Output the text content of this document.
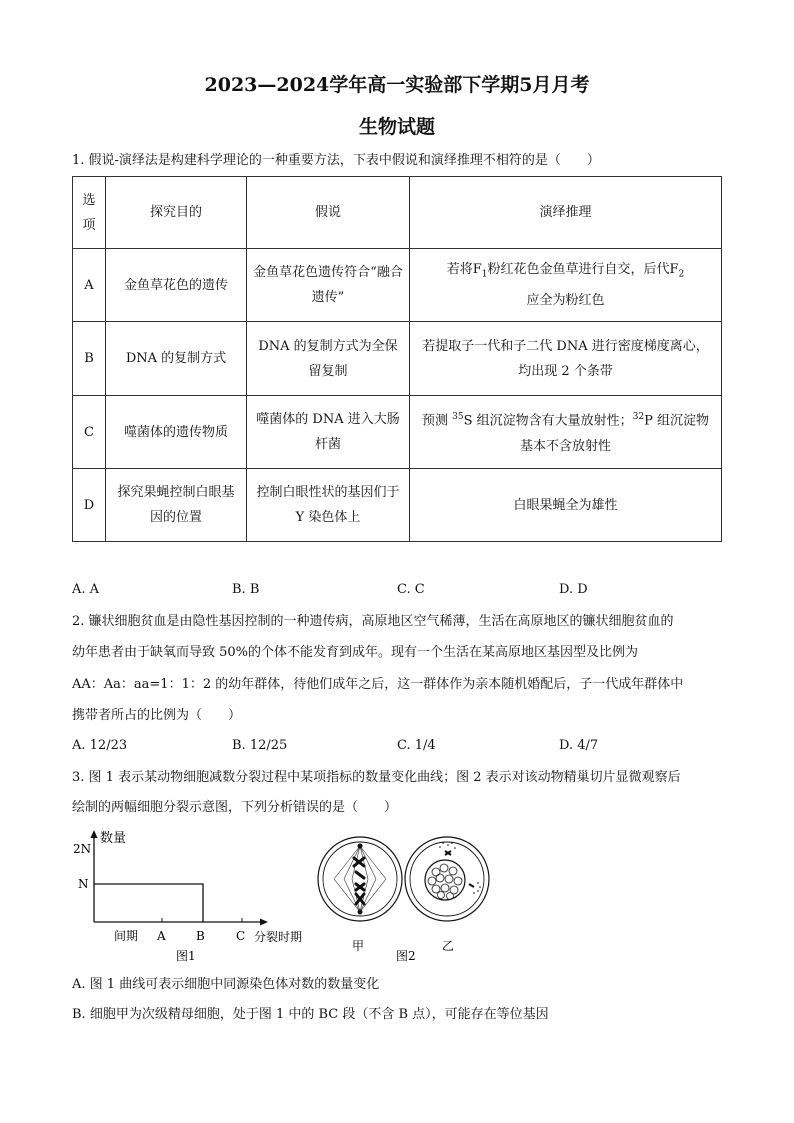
2023—2024学年高一实验部下学期5月月考
生物试题
1. 假说-演绎法是构建科学理论的一种重要方法，下表中假说和演绎推理不相符的是（　　）
选项	探究目的	假说	演绎推理
A	金鱼草花色的遗传	金鱼草花色遗传符合“融合遗传”	若将$F_1$粉红花色金鱼草进行自交，后代$F_2$
应全为粉红色
B	DNA 的复制方式	DNA 的复制方式为全保留复制	若提取子一代和子二代 DNA 进行密度梯度离心，均出现 2 个条带
C	噬菌体的遗传物质	噬菌体的 DNA 进入大肠杆菌	预测 $^{35}$S 组沉淀物含有大量放射性；$^{32}$P 组沉淀物基本不含放射性
D	探究果蝇控制白眼基因的位置	控制白眼性状的基因们于Y 染色体上	白眼果蝇全为雄性
A. A	B. B	C. C	D. D
2. 镰状细胞贫血是由隐性基因控制的一种遗传病，高原地区空气稀薄，生活在高原地区的镰状细胞贫血的
幼年患者由于缺氧而导致 50%的个体不能发育到成年。现有一个生活在某高原地区基因型及比例为
AA：Aa：aa=1：1：2 的幼年群体，待他们成年之后，这一群体作为亲本随机婚配后，子一代成年群体中
携带者所占的比例为（　　）
A. 12/23	B. 12/25	C. 1/4	D. 4/7
3. 图 1 表示某动物细胞减数分裂过程中某项指标的数量变化曲线；图 2 表示对该动物精巢切片显微观察后
绘制的两幅细胞分裂示意图，下列分析错误的是（　　）
数量
2N
N
间期 A	B	C 分裂时期
图1
甲	乙
图2
A. 图 1 曲线可表示细胞中同源染色体对数的数量变化
B. 细胞甲为次级精母细胞，处于图 1 中的 BC 段（不含 B 点），可能存在等位基因
